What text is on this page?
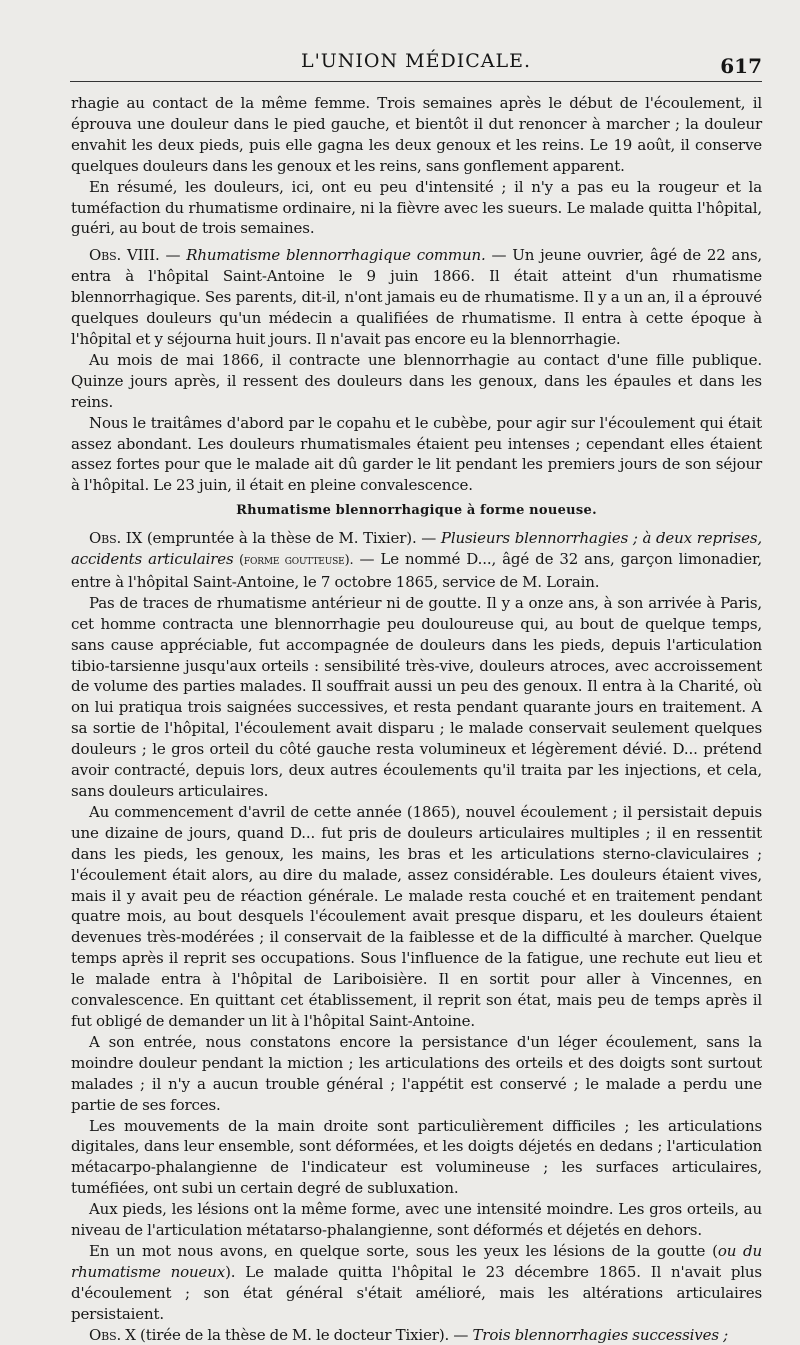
L'UNION MÉDICALE.	617

rhagie au contact de la même femme. Trois semaines après le début de l'écoulement, il éprouva une douleur dans le pied gauche, et bientôt il dut renoncer à marcher ; la douleur envahit les deux pieds, puis elle gagna les deux genoux et les reins. Le 19 août, il conserve quelques douleurs dans les genoux et les reins, sans gonflement apparent.

En résumé, les douleurs, ici, ont eu peu d'intensité ; il n'y a pas eu la rougeur et la tuméfaction du rhumatisme ordinaire, ni la fièvre avec les sueurs. Le malade quitta l'hôpital, guéri, au bout de trois semaines.

Obs. VIII. — Rhumatisme blennorrhagique commun. — Un jeune ouvrier, âgé de 22 ans, entra à l'hôpital Saint-Antoine le 9 juin 1866. Il était atteint d'un rhumatisme blennorrhagique. Ses parents, dit-il, n'ont jamais eu de rhumatisme. Il y a un an, il a éprouvé quelques douleurs qu'un médecin a qualifiées de rhumatisme. Il entra à cette époque à l'hôpital et y séjourna huit jours. Il n'avait pas encore eu la blennorrhagie.

Au mois de mai 1866, il contracte une blennorrhagie au contact d'une fille publique. Quinze jours après, il ressent des douleurs dans les genoux, dans les épaules et dans les reins.

Nous le traitâmes d'abord par le copahu et le cubèbe, pour agir sur l'écoulement qui était assez abondant. Les douleurs rhumatismales étaient peu intenses ; cependant elles étaient assez fortes pour que le malade ait dû garder le lit pendant les premiers jours de son séjour à l'hôpital. Le 23 juin, il était en pleine convalescence.

Rhumatisme blennorrhagique à forme noueuse.

Obs. IX (empruntée à la thèse de M. Tixier). — Plusieurs blennorrhagies ; à deux reprises, accidents articulaires (forme goutteuse). — Le nommé D..., âgé de 32 ans, garçon limonadier, entre à l'hôpital Saint-Antoine, le 7 octobre 1865, service de M. Lorain.

Pas de traces de rhumatisme antérieur ni de goutte. Il y a onze ans, à son arrivée à Paris, cet homme contracta une blennorrhagie peu douloureuse qui, au bout de quelque temps, sans cause appréciable, fut accompagnée de douleurs dans les pieds, depuis l'articulation tibio-tarsienne jusqu'aux orteils : sensibilité très-vive, douleurs atroces, avec accroissement de volume des parties malades. Il souffrait aussi un peu des genoux. Il entra à la Charité, où on lui pratiqua trois saignées successives, et resta pendant quarante jours en traitement. A sa sortie de l'hôpital, l'écoulement avait disparu ; le malade conservait seulement quelques douleurs ; le gros orteil du côté gauche resta volumineux et légèrement dévié. D... prétend avoir contracté, depuis lors, deux autres écoulements qu'il traita par les injections, et cela, sans douleurs articulaires.

Au commencement d'avril de cette année (1865), nouvel écoulement ; il persistait depuis une dizaine de jours, quand D... fut pris de douleurs articulaires multiples ; il en ressentit dans les pieds, les genoux, les mains, les bras et les articulations sterno-claviculaires ; l'écoulement était alors, au dire du malade, assez considérable. Les douleurs étaient vives, mais il y avait peu de réaction générale. Le malade resta couché et en traitement pendant quatre mois, au bout desquels l'écoulement avait presque disparu, et les douleurs étaient devenues très-modérées ; il conservait de la faiblesse et de la difficulté à marcher. Quelque temps après il reprit ses occupations. Sous l'influence de la fatigue, une rechute eut lieu et le malade entra à l'hôpital de Lariboisière. Il en sortit pour aller à Vincennes, en convalescence. En quittant cet établissement, il reprit son état, mais peu de temps après il fut obligé de demander un lit à l'hôpital Saint-Antoine.

A son entrée, nous constatons encore la persistance d'un léger écoulement, sans la moindre douleur pendant la miction ; les articulations des orteils et des doigts sont surtout malades ; il n'y a aucun trouble général ; l'appétit est conservé ; le malade a perdu une partie de ses forces.

Les mouvements de la main droite sont particulièrement difficiles ; les articulations digitales, dans leur ensemble, sont déformées, et les doigts déjetés en dedans ; l'articulation métacarpo-phalangienne de l'indicateur est volumineuse ; les surfaces articulaires, tuméfiées, ont subi un certain degré de subluxation.

Aux pieds, les lésions ont la même forme, avec une intensité moindre. Les gros orteils, au niveau de l'articulation métatarso-phalangienne, sont déformés et déjetés en dehors.

En un mot nous avons, en quelque sorte, sous les yeux les lésions de la goutte (ou du rhumatisme noueux). Le malade quitta l'hôpital le 23 décembre 1865. Il n'avait plus d'écoulement ; son état général s'était amélioré, mais les altérations articulaires persistaient.

Obs. X (tirée de la thèse de M. le docteur Tixier). — Trois blennorrhagies successives ;
